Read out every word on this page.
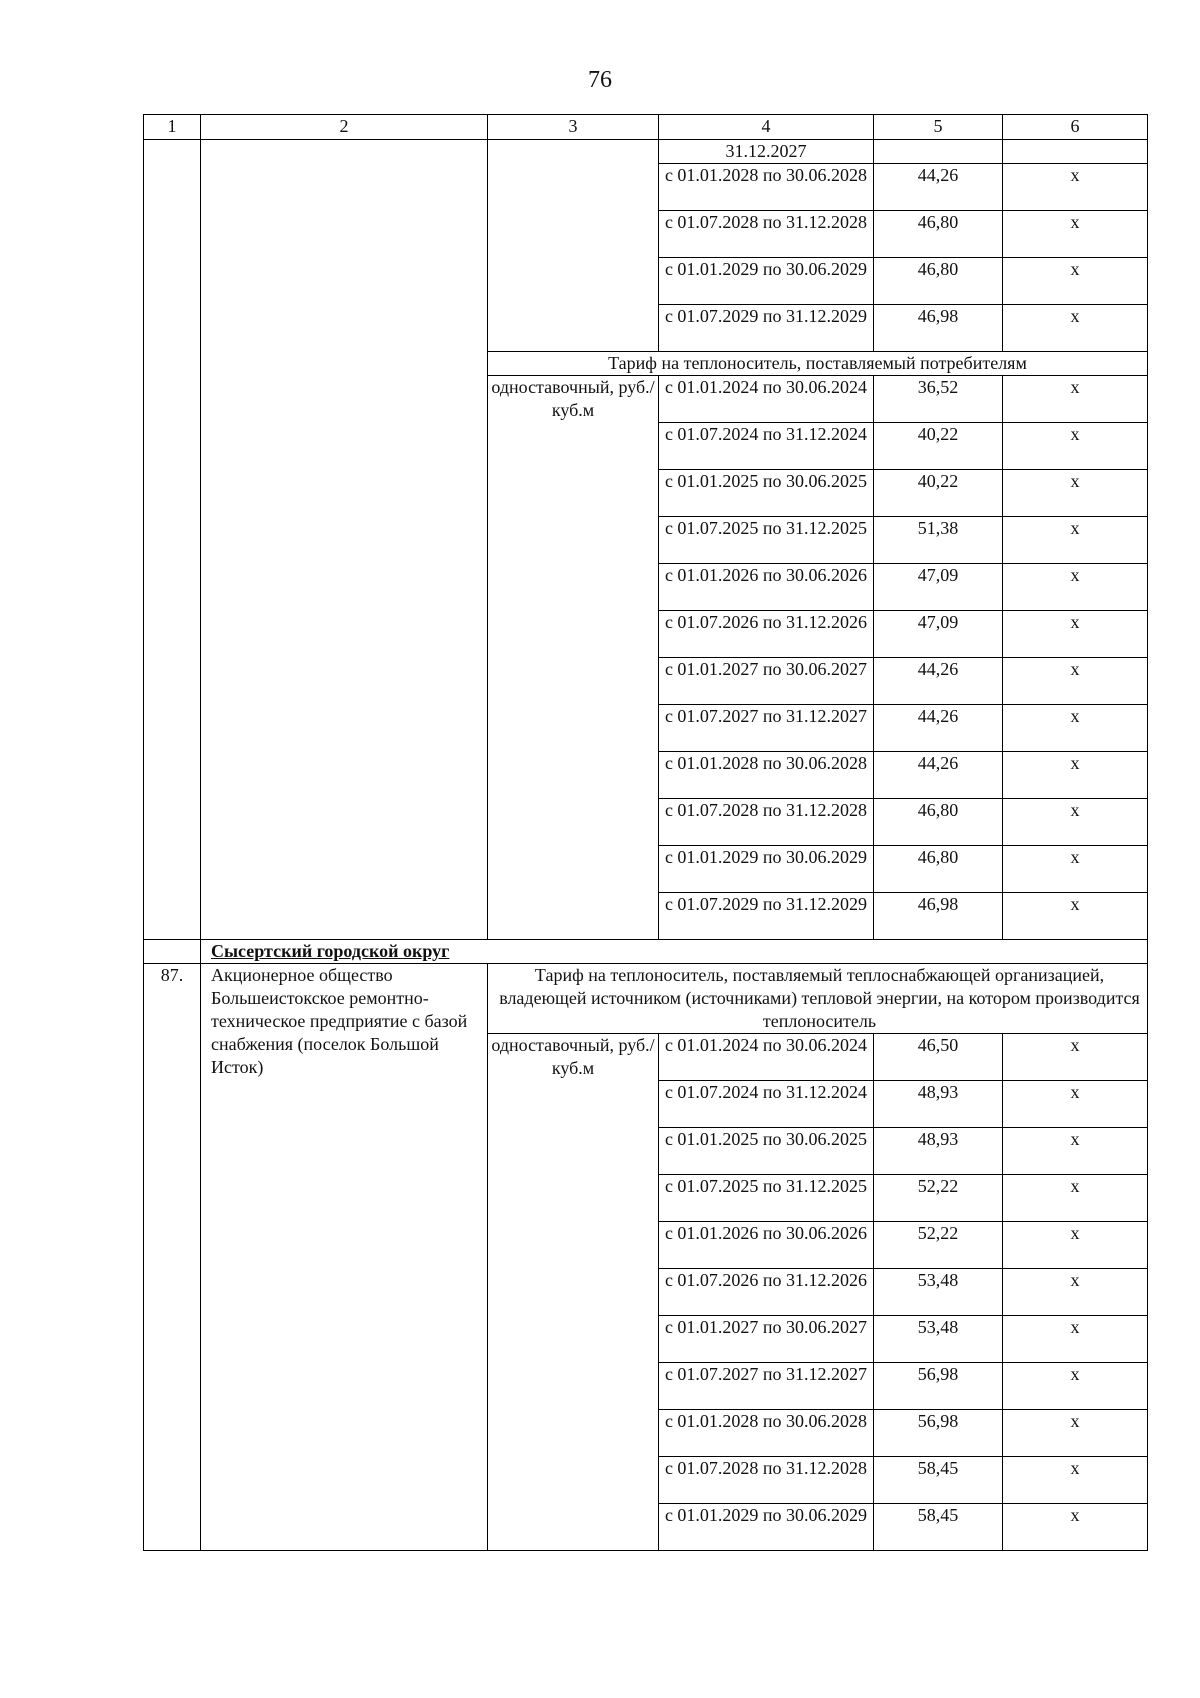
76
1	2	3	4	5	6
			31.12.2027		
			с 01.01.2028 по 30.06.2028	44,26	х
			с 01.07.2028 по 31.12.2028	46,80	х
			с 01.01.2029 по 30.06.2029	46,80	х
			с 01.07.2029 по 31.12.2029	46,98	х
		Тариф на теплоноситель, поставляемый потребителям			
		одноставочный, руб./куб.м	с 01.01.2024 по 30.06.2024	36,52	х
			с 01.07.2024 по 31.12.2024	40,22	х
			с 01.01.2025 по 30.06.2025	40,22	х
			с 01.07.2025 по 31.12.2025	51,38	х
			с 01.01.2026 по 30.06.2026	47,09	х
			с 01.07.2026 по 31.12.2026	47,09	х
			с 01.01.2027 по 30.06.2027	44,26	х
			с 01.07.2027 по 31.12.2027	44,26	х
			с 01.01.2028 по 30.06.2028	44,26	х
			с 01.07.2028 по 31.12.2028	46,80	х
			с 01.01.2029 по 30.06.2029	46,80	х
			с 01.07.2029 по 31.12.2029	46,98	х
	Сысертский городской округ				
87.	Акционерное общество Большеистокское ремонтно-техническое предприятие с базой снабжения (поселок Большой Исток)	Тариф на теплоноситель, поставляемый теплоснабжающей организацией, владеющей источником (источниками) тепловой энергии, на котором производится теплоноситель			
		одноставочный, руб./куб.м	с 01.01.2024 по 30.06.2024	46,50	х
			с 01.07.2024 по 31.12.2024	48,93	х
			с 01.01.2025 по 30.06.2025	48,93	х
			с 01.07.2025 по 31.12.2025	52,22	х
			с 01.01.2026 по 30.06.2026	52,22	х
			с 01.07.2026 по 31.12.2026	53,48	х
			с 01.01.2027 по 30.06.2027	53,48	х
			с 01.07.2027 по 31.12.2027	56,98	х
			с 01.01.2028 по 30.06.2028	56,98	х
			с 01.07.2028 по 31.12.2028	58,45	х
			с 01.01.2029 по 30.06.2029	58,45	х
